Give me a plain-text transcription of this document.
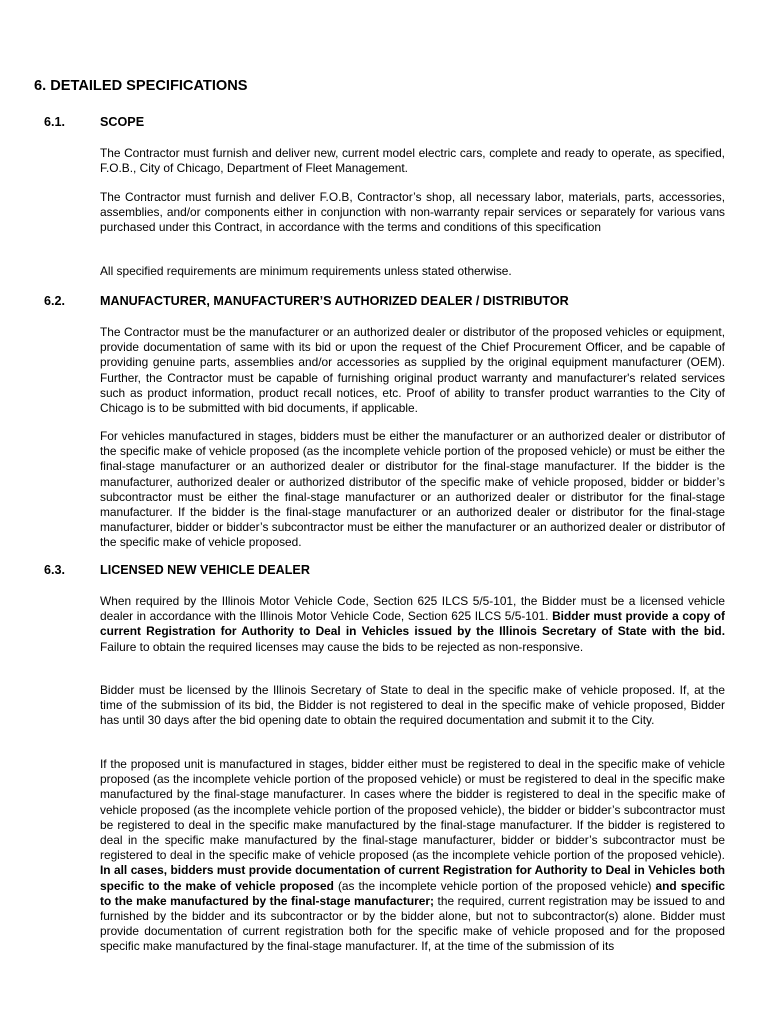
6. DETAILED SPECIFICATIONS
6.1.	SCOPE

The Contractor must furnish and deliver new, current model electric cars, complete and ready to operate, as specified, F.O.B., City of Chicago, Department of Fleet Management.

The Contractor must furnish and deliver F.O.B, Contractor’s shop, all necessary labor, materials, parts, accessories, assemblies, and/or components either in conjunction with non-warranty repair services or separately for various vans purchased under this Contract, in accordance with the terms and conditions of this specification

All specified requirements are minimum requirements unless stated otherwise.

6.2.	MANUFACTURER, MANUFACTURER’S AUTHORIZED DEALER / DISTRIBUTOR

The Contractor must be the manufacturer or an authorized dealer or distributor of the proposed vehicles or equipment, provide documentation of same with its bid or upon the request of the Chief Procurement Officer, and be capable of providing genuine parts, assemblies and/or accessories as supplied by the original equipment manufacturer (OEM). Further, the Contractor must be capable of furnishing original product warranty and manufacturer's related services such as product information, product recall notices, etc. Proof of ability to transfer product warranties to the City of Chicago is to be submitted with bid documents, if applicable.

For vehicles manufactured in stages, bidders must be either the manufacturer or an authorized dealer or distributor of the specific make of vehicle proposed (as the incomplete vehicle portion of the proposed vehicle) or must be either the final-stage manufacturer or an authorized dealer or distributor for the final-stage manufacturer. If the bidder is the manufacturer, authorized dealer or authorized distributor of the specific make of vehicle proposed, bidder or bidder’s subcontractor must be either the final-stage manufacturer or an authorized dealer or distributor for the final-stage manufacturer. If the bidder is the final-stage manufacturer or an authorized dealer or distributor for the final-stage manufacturer, bidder or bidder’s subcontractor must be either the manufacturer or an authorized dealer or distributor of the specific make of vehicle proposed.

6.3.	LICENSED NEW VEHICLE DEALER

When required by the Illinois Motor Vehicle Code, Section 625 ILCS 5/5-101, the Bidder must be a licensed vehicle dealer in accordance with the Illinois Motor Vehicle Code, Section 625 ILCS 5/5-101. Bidder must provide a copy of current Registration for Authority to Deal in Vehicles issued by the Illinois Secretary of State with the bid. Failure to obtain the required licenses may cause the bids to be rejected as non-responsive.

Bidder must be licensed by the Illinois Secretary of State to deal in the specific make of vehicle proposed. If, at the time of the submission of its bid, the Bidder is not registered to deal in the specific make of vehicle proposed, Bidder has until 30 days after the bid opening date to obtain the required documentation and submit it to the City.

If the proposed unit is manufactured in stages, bidder either must be registered to deal in the specific make of vehicle proposed (as the incomplete vehicle portion of the proposed vehicle) or must be registered to deal in the specific make manufactured by the final-stage manufacturer. In cases where the bidder is registered to deal in the specific make of vehicle proposed (as the incomplete vehicle portion of the proposed vehicle), the bidder or bidder’s subcontractor must be registered to deal in the specific make manufactured by the final-stage manufacturer. If the bidder is registered to deal in the specific make manufactured by the final-stage manufacturer, bidder or bidder’s subcontractor must be registered to deal in the specific make of vehicle proposed (as the incomplete vehicle portion of the proposed vehicle). In all cases, bidders must provide documentation of current Registration for Authority to Deal in Vehicles both specific to the make of vehicle proposed (as the incomplete vehicle portion of the proposed vehicle) and specific to the make manufactured by the final-stage manufacturer; the required, current registration may be issued to and furnished by the bidder and its subcontractor or by the bidder alone, but not to subcontractor(s) alone. Bidder must provide documentation of current registration both for the specific make of vehicle proposed and for the proposed specific make manufactured by the final-stage manufacturer. If, at the time of the submission of its
